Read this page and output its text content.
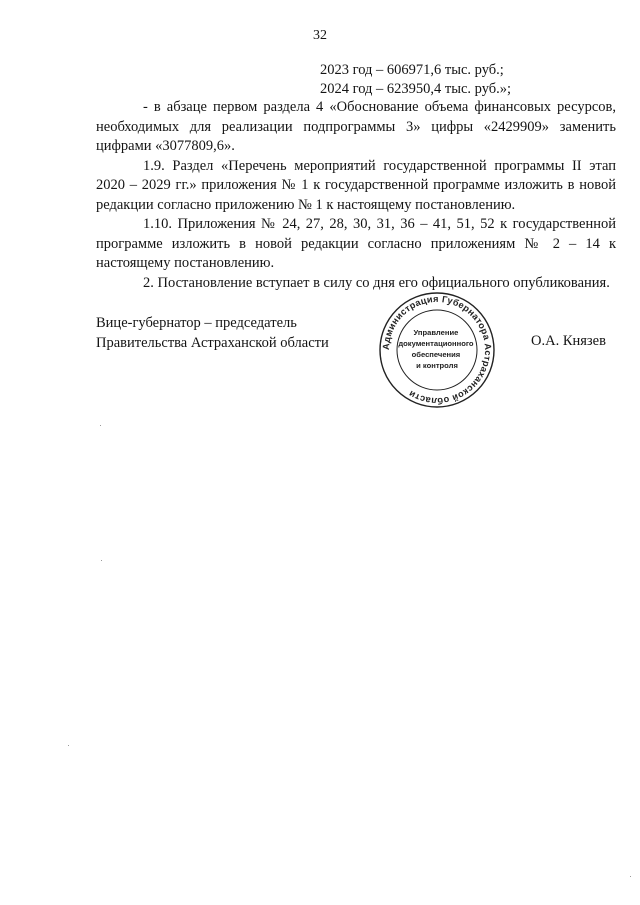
32
2023 год – 606971,6 тыс. руб.;
2024 год – 623950,4 тыс. руб.»;

- в абзаце первом раздела 4 «Обоснование объема финансовых ресурсов, необходимых для реализации подпрограммы 3» цифры «2429909» заменить цифрами «3077809,6».

1.9. Раздел «Перечень мероприятий государственной программы II этап 2020 – 2029 гг.» приложения № 1 к государственной программе изложить в новой редакции согласно приложению № 1 к настоящему постановлению.

1.10. Приложения № 24, 27, 28, 30, 31, 36 – 41, 51, 52 к государственной программе изложить в новой редакции согласно приложениям № 2 – 14 к настоящему постановлению.

2. Постановление вступает в силу со дня его официального опубликования.

Вице-губернатор – председатель
Правительства Астраханской области	Администрация Губернатора Астраханской области
Управление документационного обеспечения и контроля
О.А. Князев
